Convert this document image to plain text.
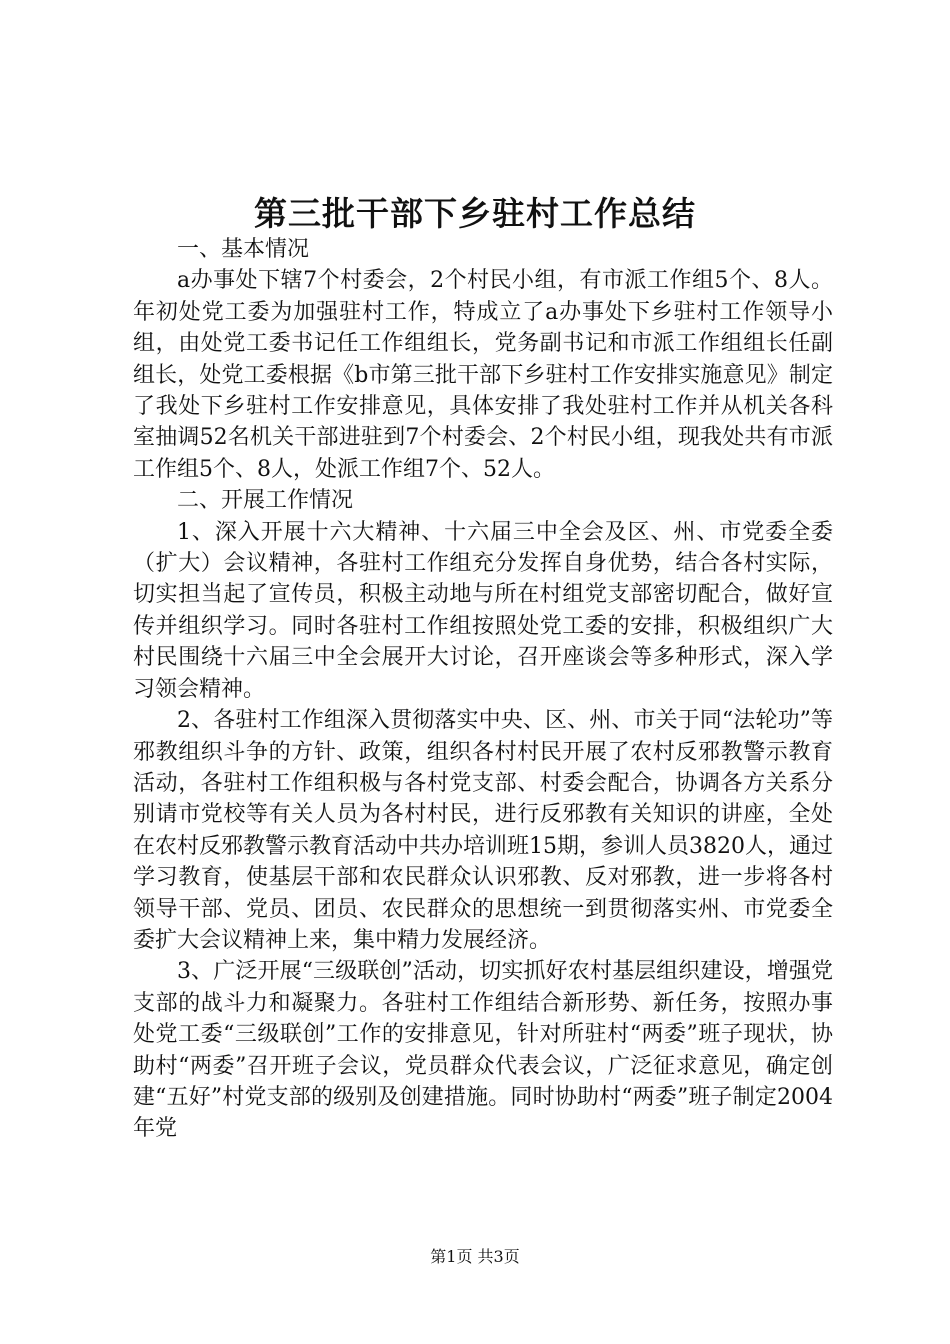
第三批干部下乡驻村工作总结

一、基本情况

a办事处下辖7个村委会，2个村民小组，有市派工作组5个、8人。年初处党工委为加强驻村工作，特成立了a办事处下乡驻村工作领导小组，由处党工委书记任工作组组长，党务副书记和市派工作组组长任副组长，处党工委根据《b市第三批干部下乡驻村工作安排实施意见》制定了我处下乡驻村工作安排意见，具体安排了我处驻村工作并从机关各科室抽调52名机关干部进驻到7个村委会、2个村民小组，现我处共有市派工作组5个、8人，处派工作组7个、52人。

二、开展工作情况

1、深入开展十六大精神、十六届三中全会及区、州、市党委全委（扩大）会议精神，各驻村工作组充分发挥自身优势，结合各村实际，切实担当起了宣传员，积极主动地与所在村组党支部密切配合，做好宣传并组织学习。同时各驻村工作组按照处党工委的安排，积极组织广大村民围绕十六届三中全会展开大讨论，召开座谈会等多种形式，深入学习领会精神。

2、各驻村工作组深入贯彻落实中央、区、州、市关于同“法轮功”等邪教组织斗争的方针、政策，组织各村村民开展了农村反邪教警示教育活动，各驻村工作组积极与各村党支部、村委会配合，协调各方关系分别请市党校等有关人员为各村村民，进行反邪教有关知识的讲座，全处在农村反邪教警示教育活动中共办培训班15期，参训人员3820人，通过学习教育，使基层干部和农民群众认识邪教、反对邪教，进一步将各村领导干部、党员、团员、农民群众的思想统一到贯彻落实州、市党委全委扩大会议精神上来，集中精力发展经济。

3、广泛开展“三级联创”活动，切实抓好农村基层组织建设，增强党支部的战斗力和凝聚力。各驻村工作组结合新形势、新任务，按照办事处党工委“三级联创”工作的安排意见，针对所驻村“两委”班子现状，协助村“两委”召开班子会议，党员群众代表会议，广泛征求意见，确定创建“五好”村党支部的级别及创建措施。同时协助村“两委”班子制定2004年党

第1页 共3页
